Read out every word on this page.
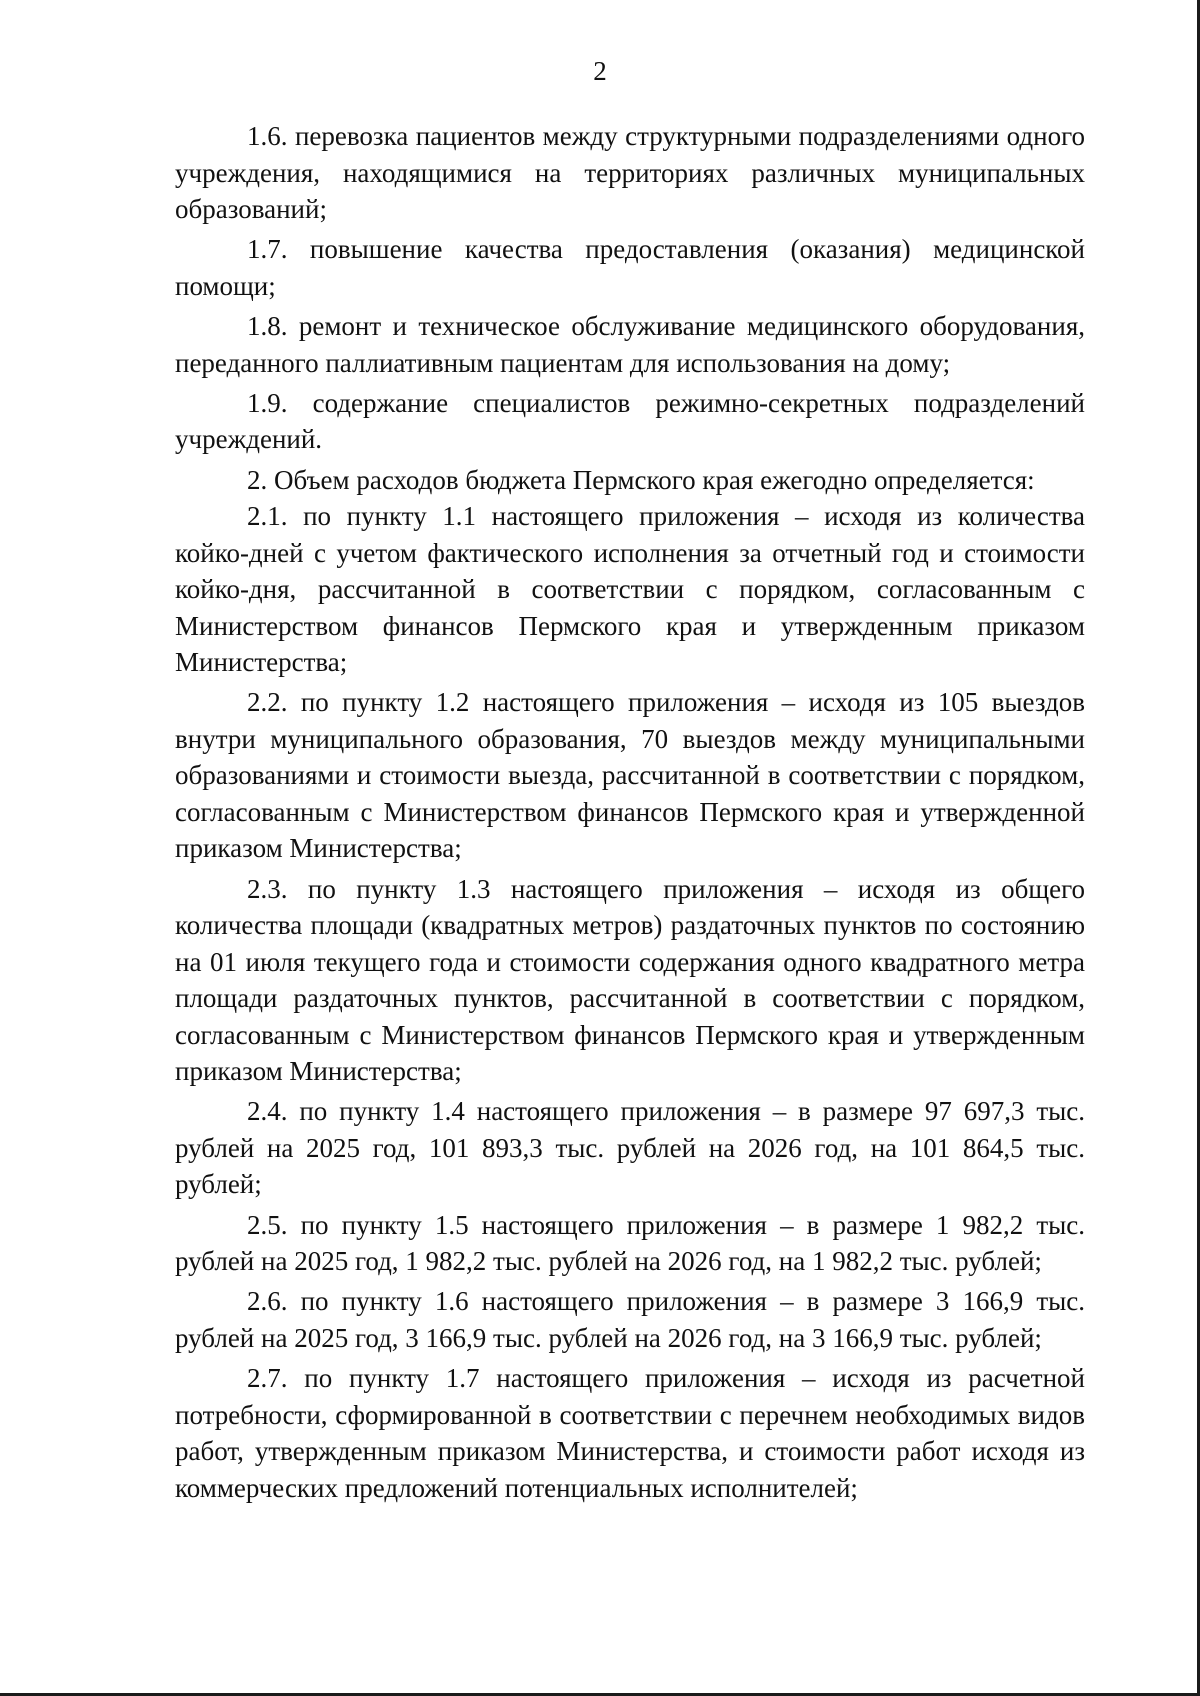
2

1.6. перевозка пациентов между структурными подразделениями одного учреждения, находящимися на территориях различных муниципальных образований;

1.7. повышение качества предоставления (оказания) медицинской помощи;

1.8. ремонт и техническое обслуживание медицинского оборудования, переданного паллиативным пациентам для использования на дому;

1.9. содержание специалистов режимно-секретных подразделений учреждений.

2. Объем расходов бюджета Пермского края ежегодно определяется:

2.1. по пункту 1.1 настоящего приложения – исходя из количества койко-дней с учетом фактического исполнения за отчетный год и стоимости койко-дня, рассчитанной в соответствии с порядком, согласованным с Министерством финансов Пермского края и утвержденным приказом Министерства;

2.2. по пункту 1.2 настоящего приложения – исходя из 105 выездов внутри муниципального образования, 70 выездов между муниципальными образованиями и стоимости выезда, рассчитанной в соответствии с порядком, согласованным с Министерством финансов Пермского края и утвержденной приказом Министерства;

2.3. по пункту 1.3 настоящего приложения – исходя из общего количества площади (квадратных метров) раздаточных пунктов по состоянию на 01 июля текущего года и стоимости содержания одного квадратного метра площади раздаточных пунктов, рассчитанной в соответствии с порядком, согласованным с Министерством финансов Пермского края и утвержденным приказом Министерства;

2.4. по пункту 1.4 настоящего приложения – в размере 97 697,3 тыс. рублей на 2025 год, 101 893,3 тыс. рублей на 2026 год, на 101 864,5 тыс. рублей;

2.5. по пункту 1.5 настоящего приложения – в размере 1 982,2 тыс. рублей на 2025 год, 1 982,2 тыс. рублей на 2026 год, на 1 982,2 тыс. рублей;

2.6. по пункту 1.6 настоящего приложения – в размере 3 166,9 тыс. рублей на 2025 год, 3 166,9 тыс. рублей на 2026 год, на 3 166,9 тыс. рублей;

2.7. по пункту 1.7 настоящего приложения – исходя из расчетной потребности, сформированной в соответствии с перечнем необходимых видов работ, утвержденным приказом Министерства, и стоимости работ исходя из коммерческих предложений потенциальных исполнителей;
